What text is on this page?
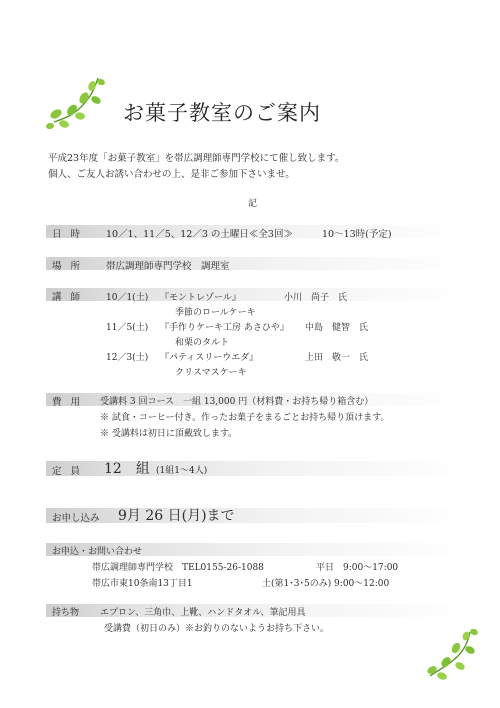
お菓子教室のご案内
平成23年度「お菓子教室」を帯広調理師専門学校にて催し致します。
個人、ご友人お誘い合わせの上、是非ご参加下さいませ。
記
日 時 10／1、11／5、12／3 の土曜日≪全3回≫	10～13時(予定)
場 所 帯広調理師専門学校　調理室
講 師	10／1(土) 『モントレゾール』	小川　尚子　氏
季節のロールケーキ
11／5(土) 『手作りケーキ工房 あさひや』 中島　健智　氏
和栗のタルト
12／3(土) 『パティスリーウエダ』	上田　敬一　氏
クリスマスケーキ
費 用 受講料 3 回コース　一組 13,000 円（材料費・お持ち帰り箱含む）
※ 試食・コーヒー付き。作ったお菓子をまるごとお持ち帰り頂けます。
※ 受講料は初日に頂戴致します。
定 員 12　組 (1組1～4人)
お申し込み 9月 26 日(月)まで
お申込・お問い合わせ
帯広調理師専門学校　TEL0155-26-1088	平日　9:00～17:00
帯広市東10条南13丁目1	土(第1･3･5のみ) 9:00～12:00
持ち物 エプロン、三角巾、上靴、ハンドタオル、筆記用具
受講費（初日のみ）※お釣りのないようお持ち下さい。
